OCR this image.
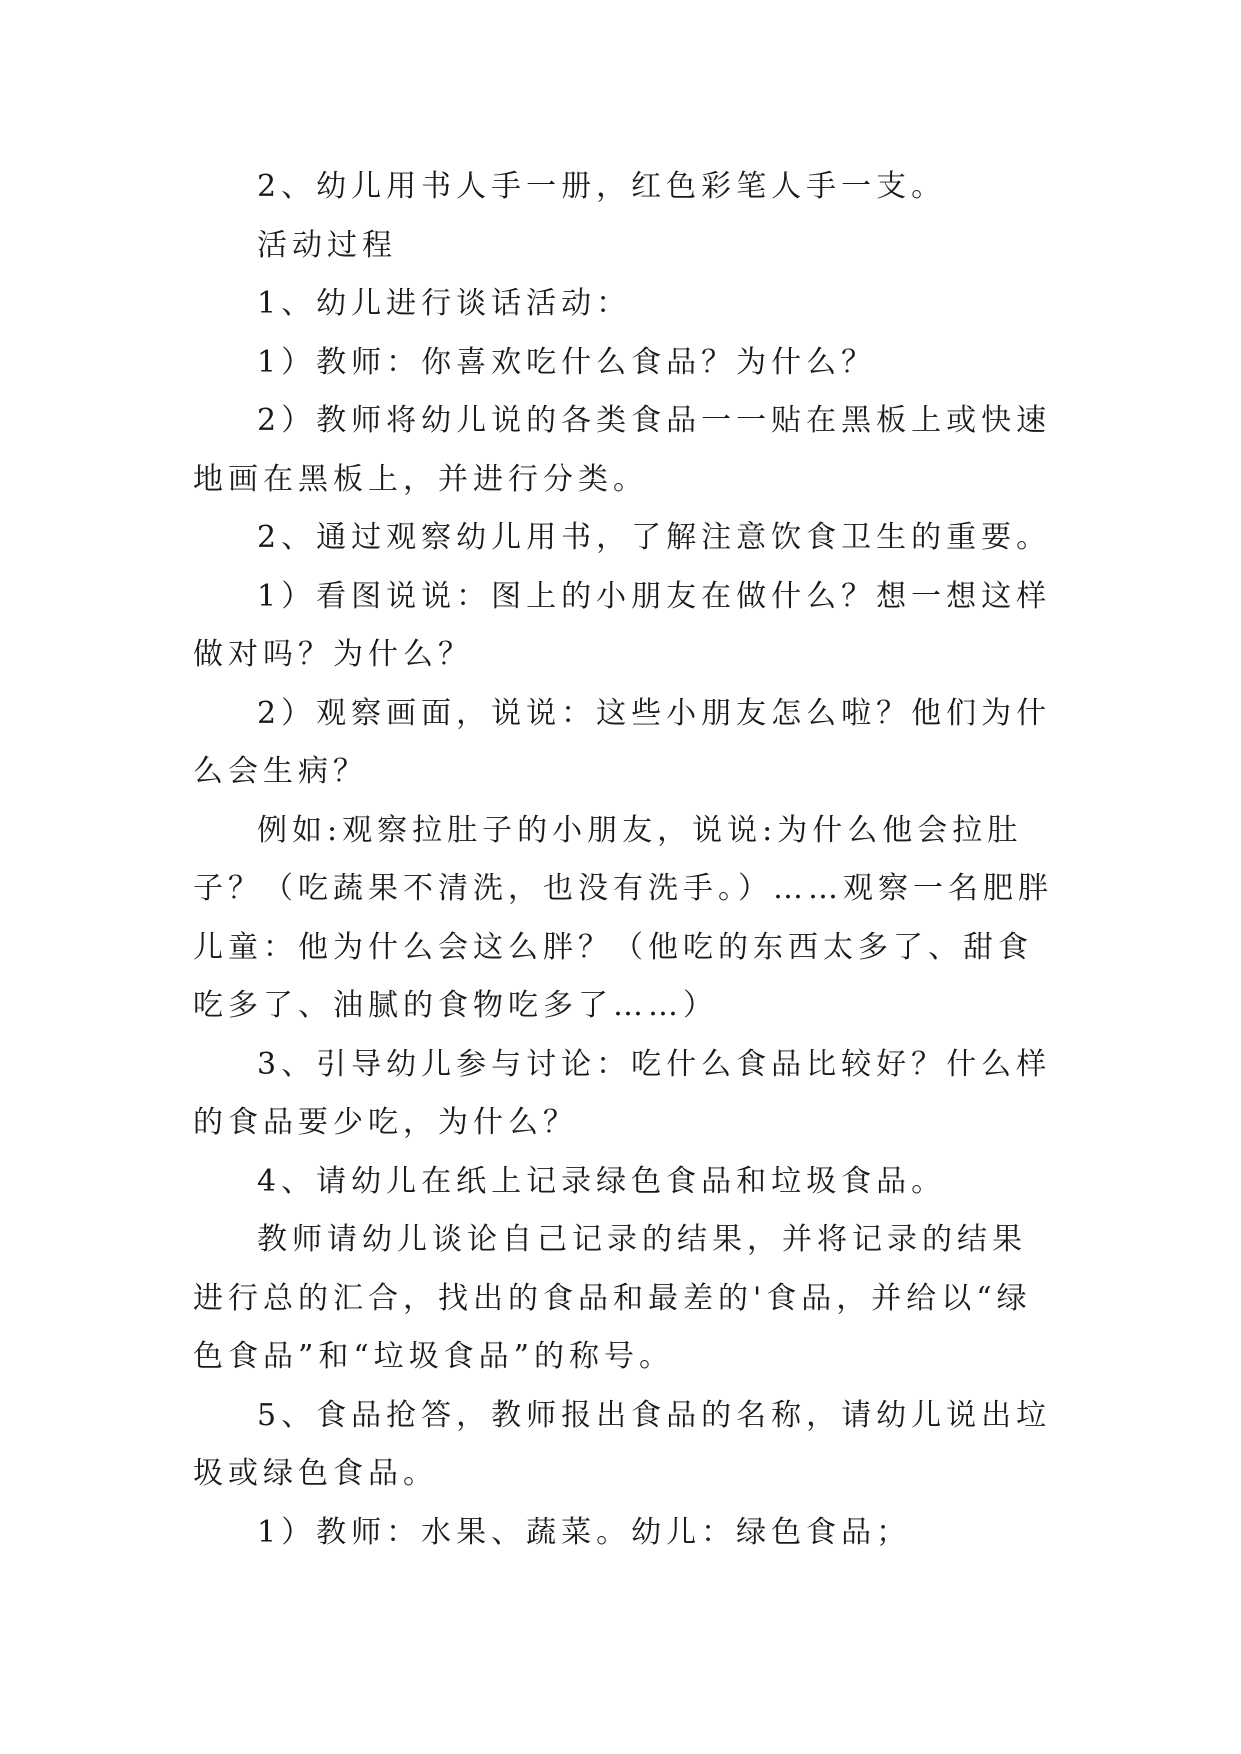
2、幼儿用书人手一册，红色彩笔人手一支。

活动过程

1、幼儿进行谈话活动：

1）教师：你喜欢吃什么食品？为什么？

2）教师将幼儿说的各类食品一一贴在黑板上或快速地画在黑板上，并进行分类。

2、通过观察幼儿用书，了解注意饮食卫生的重要。

1）看图说说：图上的小朋友在做什么？想一想这样做对吗？为什么？

2）观察画面，说说：这些小朋友怎么啦？他们为什么会生病？

例如:观察拉肚子的小朋友，说说:为什么他会拉肚子？（吃蔬果不清洗，也没有洗手。）……观察一名肥胖儿童：他为什么会这么胖？（他吃的东西太多了、甜食吃多了、油腻的食物吃多了……）

3、引导幼儿参与讨论：吃什么食品比较好？什么样的食品要少吃，为什么？

4、请幼儿在纸上记录绿色食品和垃圾食品。

教师请幼儿谈论自己记录的结果，并将记录的结果进行总的汇合，找出的食品和最差的'食品，并给以“绿色食品”和“垃圾食品”的称号。

5、食品抢答，教师报出食品的名称，请幼儿说出垃圾或绿色食品。

1）教师：水果、蔬菜。幼儿：绿色食品；
